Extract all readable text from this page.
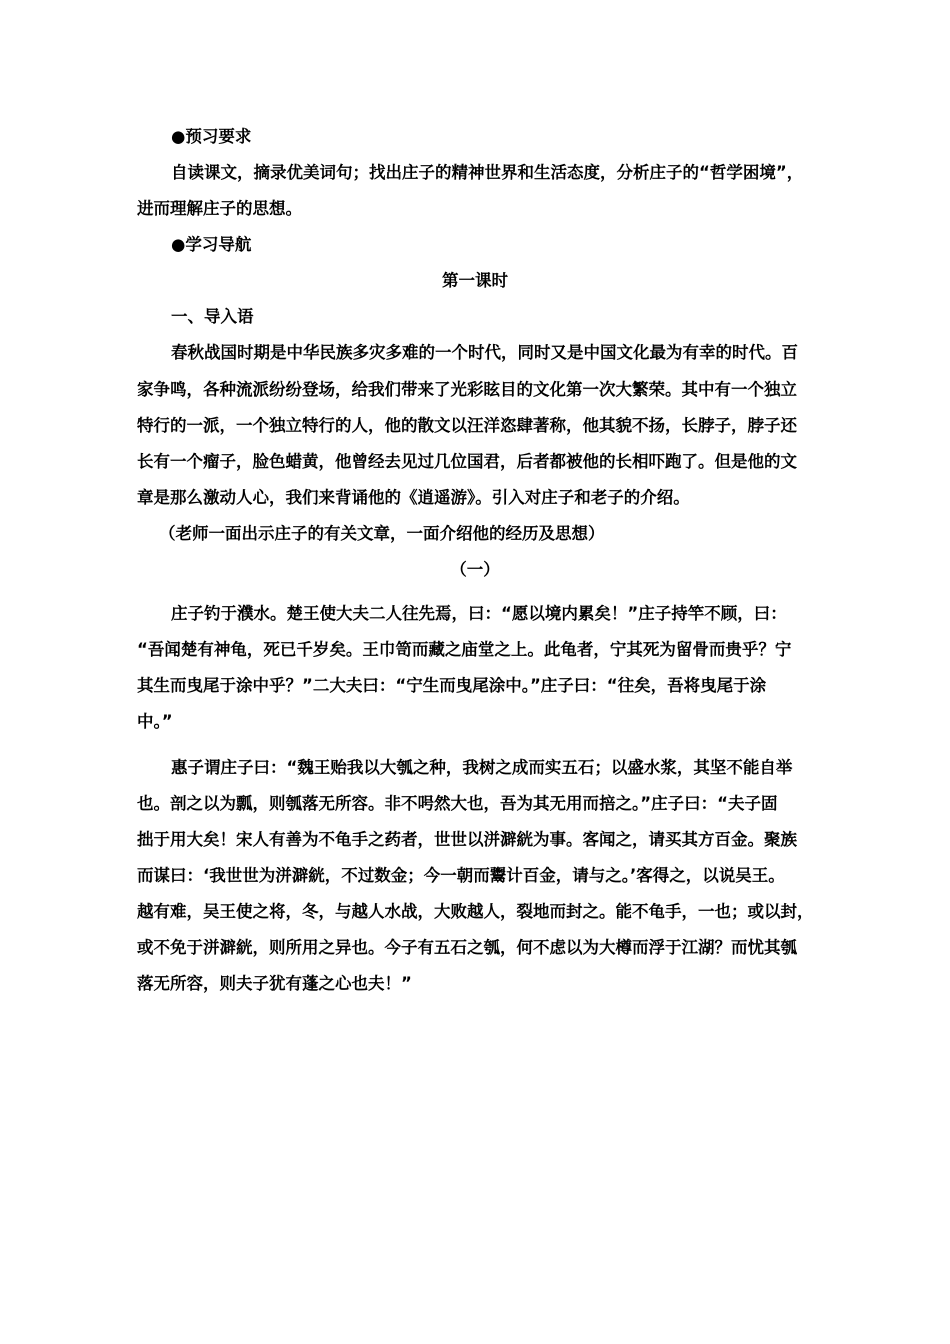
●预习要求
自读课文，摘录优美词句；找出庄子的精神世界和生活态度，分析庄子的“哲学困境”，
进而理解庄子的思想。
●学习导航
第一课时
一、导入语
春秋战国时期是中华民族多灾多难的一个时代，同时又是中国文化最为有幸的时代。百
家争鸣，各种流派纷纷登场，给我们带来了光彩眩目的文化第一次大繁荣。其中有一个独立
特行的一派，一个独立特行的人，他的散文以汪洋恣肆著称，他其貌不扬，长脖子，脖子还
长有一个瘤子，脸色蜡黄，他曾经去见过几位国君，后者都被他的长相吓跑了。但是他的文
章是那么激动人心，我们来背诵他的《逍遥游》。引入对庄子和老子的介绍。
（老师一面出示庄子的有关文章，一面介绍他的经历及思想）
（一）
庄子钓于濮水。楚王使大夫二人往先焉，曰：“愿以境内累矣！”庄子持竿不顾，曰：
“吾闻楚有神龟，死已千岁矣。王巾笥而藏之庙堂之上。此龟者，宁其死为留骨而贵乎？宁
其生而曳尾于涂中乎？”二大夫曰：“宁生而曳尾涂中。”庄子曰：“往矣，吾将曳尾于涂
中。”
惠子谓庄子曰：“魏王贻我以大瓠之种，我树之成而实五石；以盛水浆，其坚不能自举
也。剖之以为瓢，则瓠落无所容。非不呺然大也，吾为其无用而掊之。”庄子曰：“夫子固
拙于用大矣！宋人有善为不龟手之药者，世世以洴澼絖为事。客闻之，请买其方百金。聚族
而谋曰：‘我世世为洴澼絖，不过数金；今一朝而鬻计百金，请与之。’客得之，以说吴王。
越有难，吴王使之将，冬，与越人水战，大败越人，裂地而封之。能不龟手，一也；或以封，
或不免于洴澼絖，则所用之异也。今子有五石之瓠，何不虑以为大樽而浮于江湖？而忧其瓠
落无所容，则夫子犹有蓬之心也夫！”
